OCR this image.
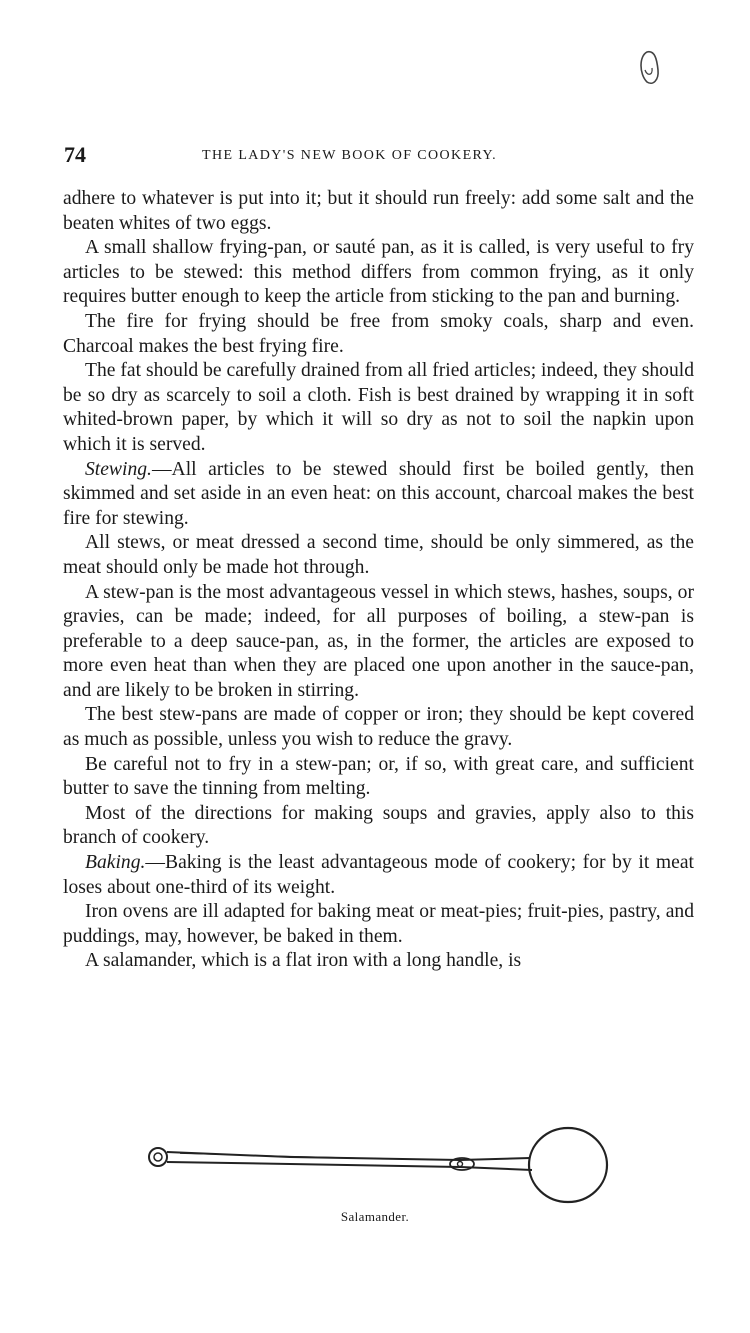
74	THE LADY'S NEW BOOK OF COOKERY.

adhere to whatever is put into it; but it should run freely: add some salt and the beaten whites of two eggs.

A small shallow frying-pan, or sauté pan, as it is called, is very useful to fry articles to be stewed: this method differs from common frying, as it only requires butter enough to keep the article from sticking to the pan and burning.

The fire for frying should be free from smoky coals, sharp and even. Charcoal makes the best frying fire.

The fat should be carefully drained from all fried articles; indeed, they should be so dry as scarcely to soil a cloth. Fish is best drained by wrapping it in soft whited-brown paper, by which it will so dry as not to soil the napkin upon which it is served.

Stewing.—All articles to be stewed should first be boiled gently, then skimmed and set aside in an even heat: on this account, charcoal makes the best fire for stewing.

All stews, or meat dressed a second time, should be only simmered, as the meat should only be made hot through.

A stew-pan is the most advantageous vessel in which stews, hashes, soups, or gravies, can be made; indeed, for all purposes of boiling, a stew-pan is preferable to a deep sauce-pan, as, in the former, the articles are exposed to more even heat than when they are placed one upon another in the sauce-pan, and are likely to be broken in stirring.

The best stew-pans are made of copper or iron; they should be kept covered as much as possible, unless you wish to reduce the gravy.

Be careful not to fry in a stew-pan; or, if so, with great care, and sufficient butter to save the tinning from melting.

Most of the directions for making soups and gravies, apply also to this branch of cookery.

Baking.—Baking is the least advantageous mode of cookery; for by it meat loses about one-third of its weight.

Iron ovens are ill adapted for baking meat or meat-pies; fruit-pies, pastry, and puddings, may, however, be baked in them.

A salamander, which is a flat iron with a long handle, is

Salamander.
